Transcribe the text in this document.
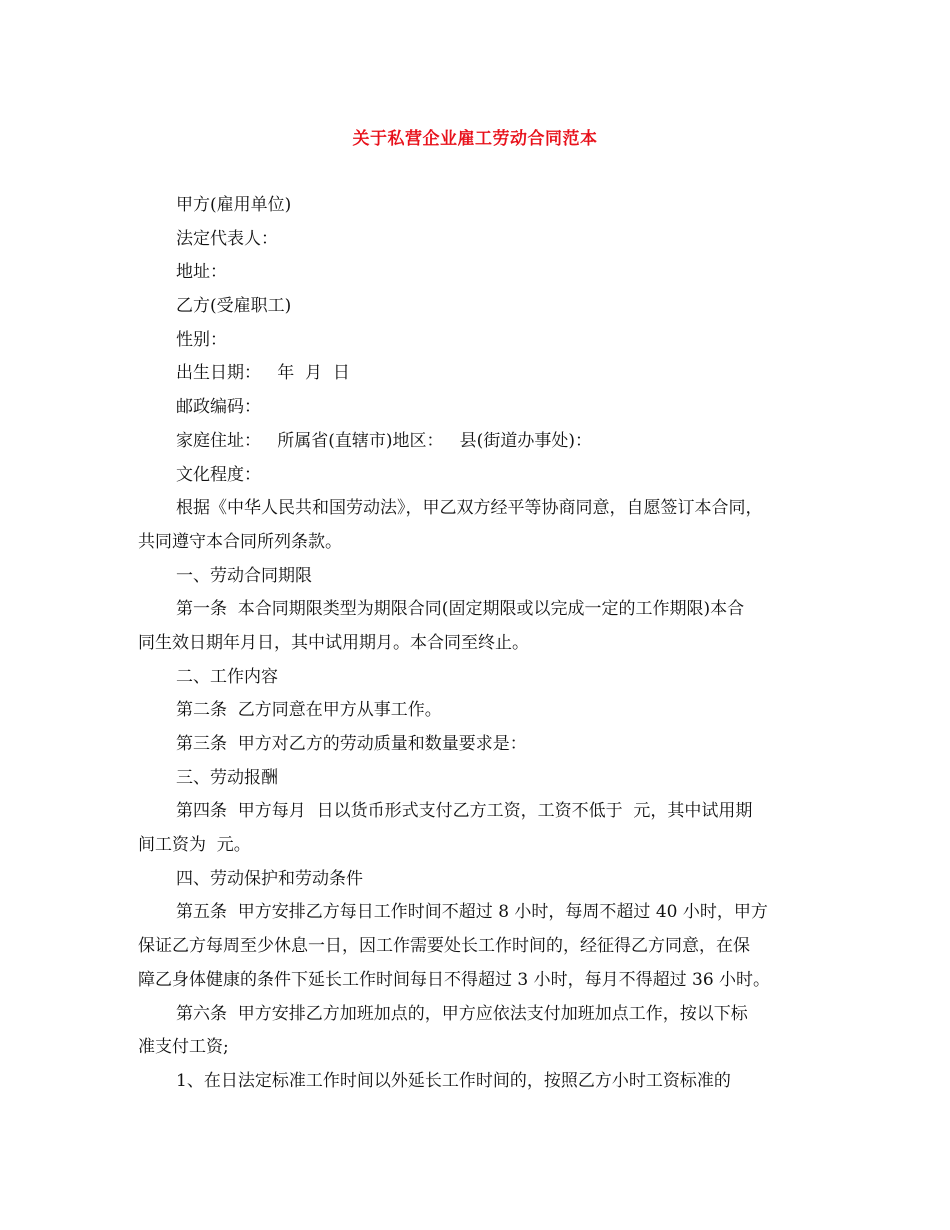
关于私营企业雇工劳动合同范本
甲方(雇用单位)
法定代表人：
地址：
乙方(受雇职工)
性别：
出生日期：   年  月  日
邮政编码：
家庭住址：   所属省(直辖市)地区：   县(街道办事处)：
文化程度：
根据《中华人民共和国劳动法》，甲乙双方经平等协商同意，自愿签订本合同，
共同遵守本合同所列条款。
一、劳动合同期限
第一条  本合同期限类型为期限合同(固定期限或以完成一定的工作期限)本合
同生效日期年月日，其中试用期月。本合同至终止。
二、工作内容
第二条  乙方同意在甲方从事工作。
第三条  甲方对乙方的劳动质量和数量要求是：
三、劳动报酬
第四条  甲方每月  日以货币形式支付乙方工资，工资不低于  元，其中试用期
间工资为  元。
四、劳动保护和劳动条件
第五条  甲方安排乙方每日工作时间不超过 8 小时，每周不超过 40 小时，甲方
保证乙方每周至少休息一日，因工作需要处长工作时间的，经征得乙方同意，在保
障乙身体健康的条件下延长工作时间每日不得超过 3 小时，每月不得超过 36 小时。
第六条  甲方安排乙方加班加点的，甲方应依法支付加班加点工作，按以下标
准支付工资;
1、在日法定标准工作时间以外延长工作时间的，按照乙方小时工资标准的
